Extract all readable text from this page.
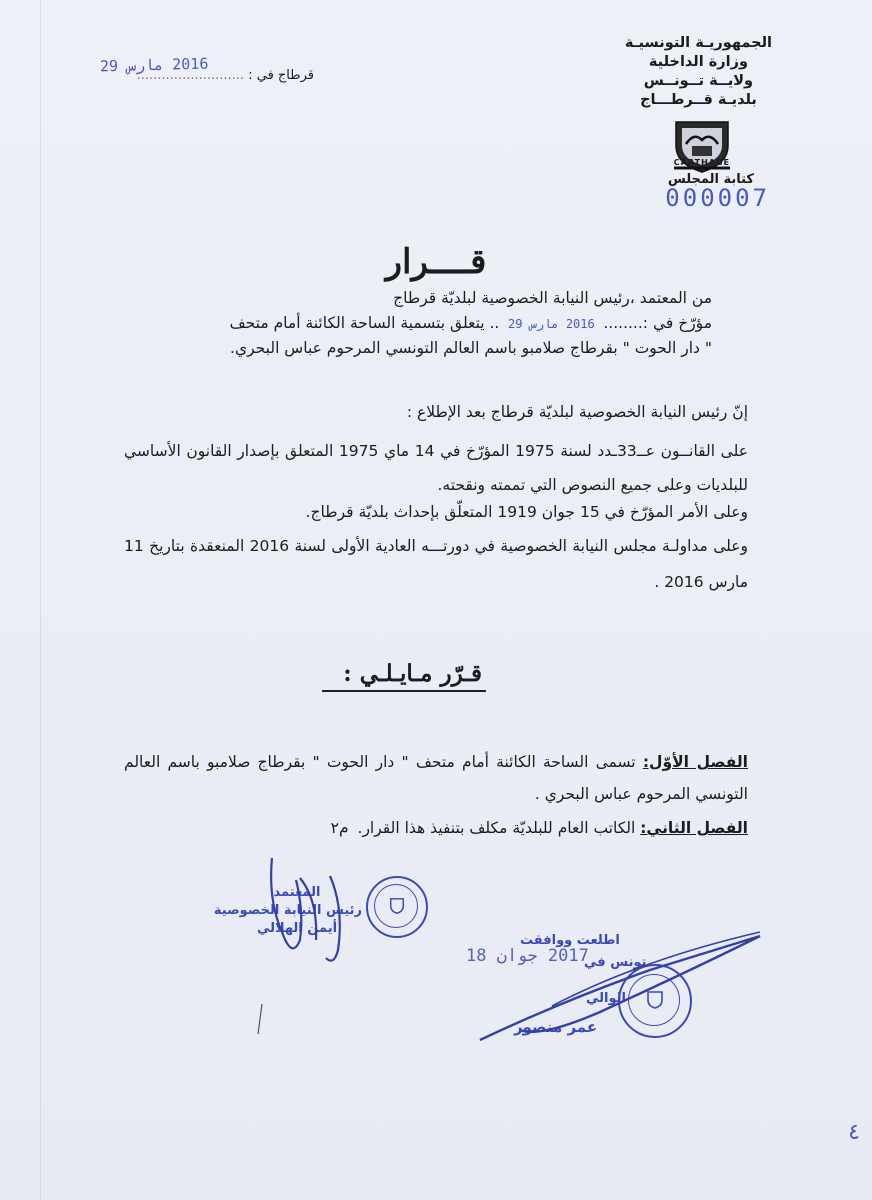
الجمهوريـة التونسيـة
وزارة الداخلية
ولايــة تــونــس
بلديـة قــرطـــاج
CARTHAGE
كتابة المجلس
000007
2016 مارس 29
قرطاج في : ..........................
قــــرار
من المعتمد ،رئيس النيابة الخصوصية لبلديّة قرطاج
مؤرّخ في :........2016 مارس 29.. يتعلق بتسمية الساحة الكائنة أمام متحف
" دار الحوت " بقرطاج صلامبو باسم العالم التونسي المرحوم عباس البحري.
إنّ رئيس النيابة الخصوصية لبلديّة قرطاج بعد الإطلاع :
على القانــون عــ33ـدد لسنة 1975 المؤرّخ في 14 ماي 1975 المتعلق بإصدار القانون الأساسي للبلديات وعلى جميع النصوص التي تممته ونقحته.
وعلى الأمر المؤرّخ في 15 جوان 1919 المتعلّق بإحداث بلديّة قرطاج.
وعلى مداولـة مجلس النيابة الخصوصية في دورتـــه العادية الأولى لسنة 2016 المنعقدة بتاريخ 11 مارس 2016 .
قـرّر مـايـلـي :
الفصل الأوّل: تسمى الساحة الكائنة أمام متحف " دار الحوت " بقرطاج صلامبو باسم العالم التونسي المرحوم عباس البحري .
الفصل الثاني: الكاتب العام للبلديّة مكلف بتنفيذ هذا القرار. م٢
المعتمد
رئيس النيابة الخصوصية
أيمن الهلالي
اطلعت ووافقت
تونس في
2017 جوان 18
الوالي
عمر منصور
٤
